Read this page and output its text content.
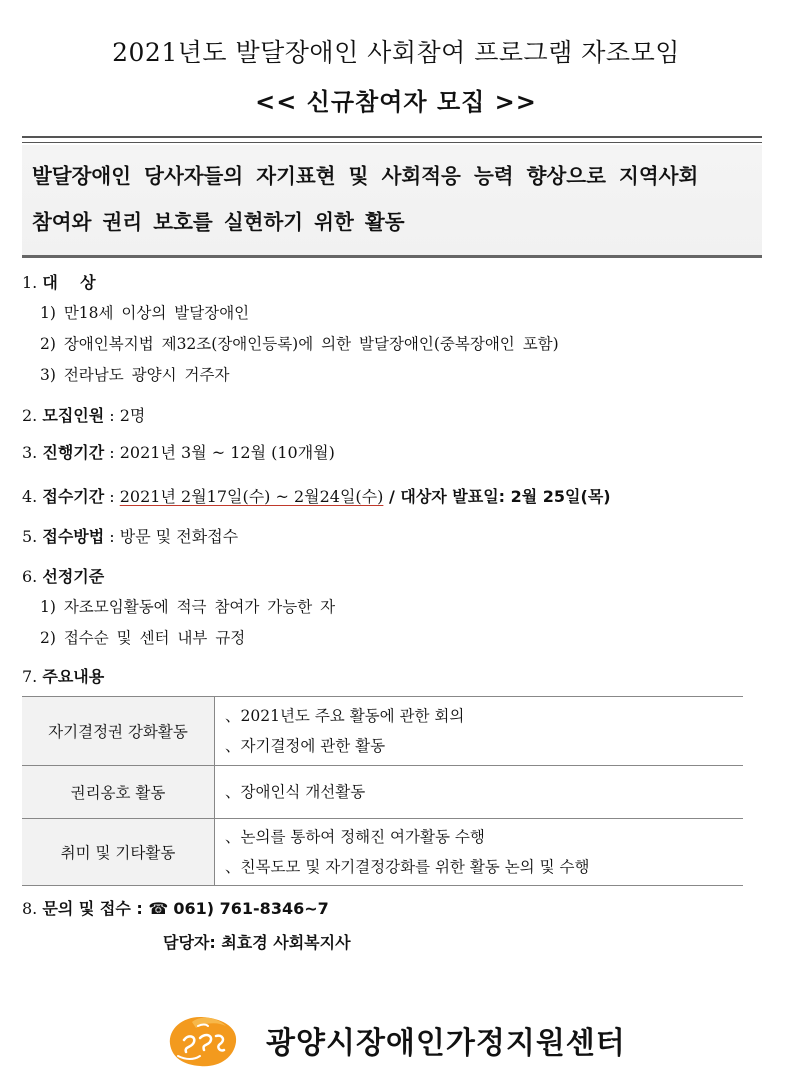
2021년도 발달장애인 사회참여 프로그램 자조모임
<< 신규참여자 모집 >>
발달장애인 당사자들의 자기표현 및 사회적응 능력 향상으로 지역사회
참여와 권리 보호를 실현하기 위한 활동
1. 대    상
1) 만18세 이상의 발달장애인
2) 장애인복지법 제32조(장애인등록)에 의한 발달장애인(중복장애인 포함)
3) 전라남도 광양시 거주자
2. 모집인원 : 2명
3. 진행기간 : 2021년 3월 ~ 12월 (10개월)
4. 접수기간 : 2021년 2월17일(수) ~ 2월24일(수) / 대상자 발표일: 2월 25일(목)
5. 접수방법 : 방문 및 전화접수
6. 선정기준
1) 자조모임활동에 적극 참여가 가능한 자
2) 접수순 및 센터 내부 규정
7. 주요내용
자기결정권 강화활동	、2021년도 주요 활동에 관한 회의
、자기결정에 관한 활동

권리옹호 활동	、장애인식 개선활동

취미 및 기타활동	、논의를 통하여 정해진 여가활동 수행
、친목도모 및 자기결정강화를 위한 활동 논의 및 수행
8. 문의 및 접수 : ☎ 061) 761-8346~7
담당자: 최효경 사회복지사
광양시장애인가정지원센터
